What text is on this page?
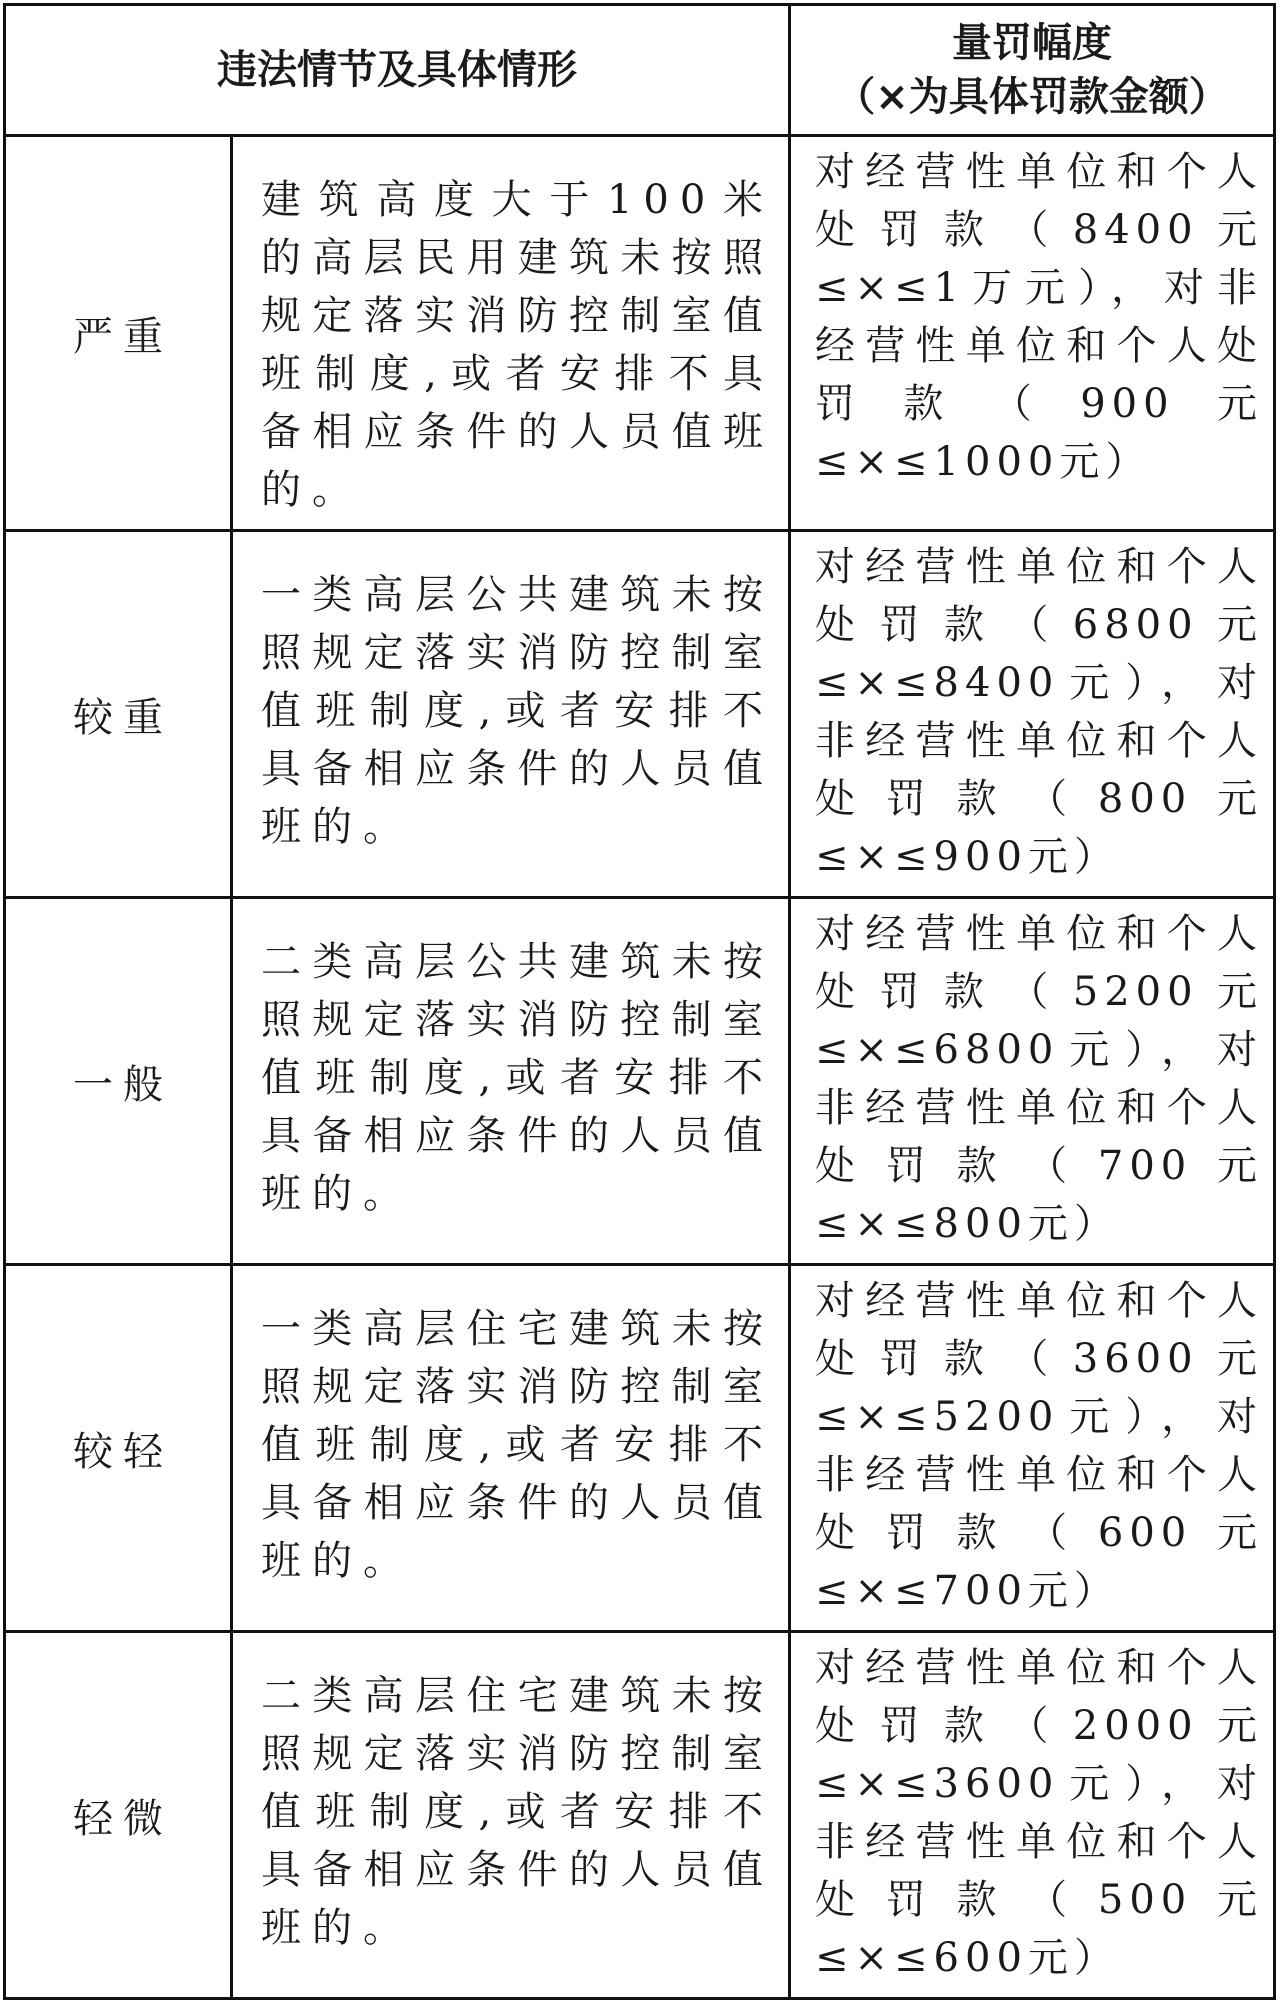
违法情节及具体情形		量罚幅度
（×为具体罚款金额）

严重	建筑高度大于100米的高层民用建筑未按照规定落实消防控制室值班制度,或者安排不具备相应条件的人员值班的。	对经营性单位和个人处罚款（8400元≤×≤1万元），对非经营性单位和个人处罚款（900元≤×≤1000元）
较重	一类高层公共建筑未按照规定落实消防控制室值班制度,或者安排不具备相应条件的人员值班的。	对经营性单位和个人处罚款（6800元≤×≤8400元），对非经营性单位和个人处罚款（800元≤×≤900元）
一般	二类高层公共建筑未按照规定落实消防控制室值班制度,或者安排不具备相应条件的人员值班的。	对经营性单位和个人处罚款（5200元≤×≤6800元），对非经营性单位和个人处罚款（700元≤×≤800元）
较轻	一类高层住宅建筑未按照规定落实消防控制室值班制度,或者安排不具备相应条件的人员值班的。	对经营性单位和个人处罚款（3600元≤×≤5200元），对非经营性单位和个人处罚款（600元≤×≤700元）
轻微	二类高层住宅建筑未按照规定落实消防控制室值班制度,或者安排不具备相应条件的人员值班的。	对经营性单位和个人处罚款（2000元≤×≤3600元），对非经营性单位和个人处罚款（500元≤×≤600元）
